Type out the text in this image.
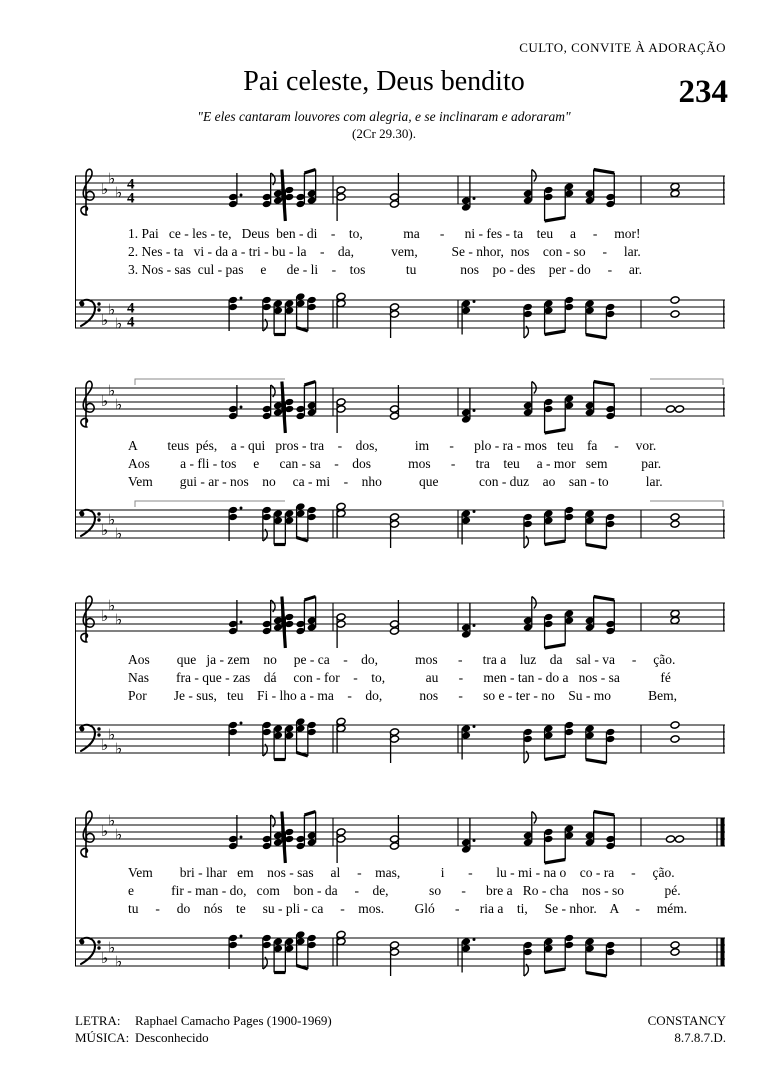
CULTO, CONVITE À ADORAÇÃO
Pai celeste, Deus bendito	234
"E eles cantaram louvores com alegria, e se inclinaram e adoraram"
(2Cr 29.30).
♭
♭
♭ 4
4
1. Pai   ce - les - te,   Deus  ben - di    -    to,            ma      -      ni - fes - ta    teu     a     -     mor!
2. Nes - ta   vi - da a - tri - bu - la    -    da,           vem,          Se - nhor,  nos    con - so     -     lar.
3. Nos - sas  cul - pas     e      de - li    -    tos            tu             nos    po - des    per - do     -     ar.
♭
♭
♭
4
4
♭
♭
♭
A         teus  pés,    a - qui   pros - tra    -    dos,           im      -      plo - ra - mos   teu    fa     -     vor.
Aos         a - fli - tos     e      can - sa    -    dos           mos      -      tra    teu     a - mor   sem          par.
Vem        gui - ar - nos    no     ca - mi    -    nho           que            con - duz    ao    san - to           lar.
♭
♭
♭
♭
♭
♭
Aos        que   ja - zem    no     pe - ca    -    do,           mos      -      tra a    luz    da    sal - va     -     ção.
Nas        fra - que - zas    dá     con - for    -    to,            au      -      men - tan - do a   nos - sa            fé
Por        Je - sus,   teu    Fi - lho a - ma    -    do,           nos      -      so e - ter - no    Su - mo           Bem,
♭
♭
♭
♭
♭
♭
Vem        bri - lhar   em    nos - sas     al     -    mas,            i       -       lu - mi - na o    co - ra     -     ção.
e           fir - man - do,   com    bon - da     -    de,            so      -      bre a   Ro - cha    nos - so            pé.
tu     -     do    nós    te     su - pli - ca     -    mos.         Gló      -      ria a    ti,     Se - nhor.    A     -     mém.
♭
♭
♭
LETRA: Raphael Camacho Pages (1900-1969)
MÚSICA: Desconhecido
CONSTANCY
8.7.8.7.D.
